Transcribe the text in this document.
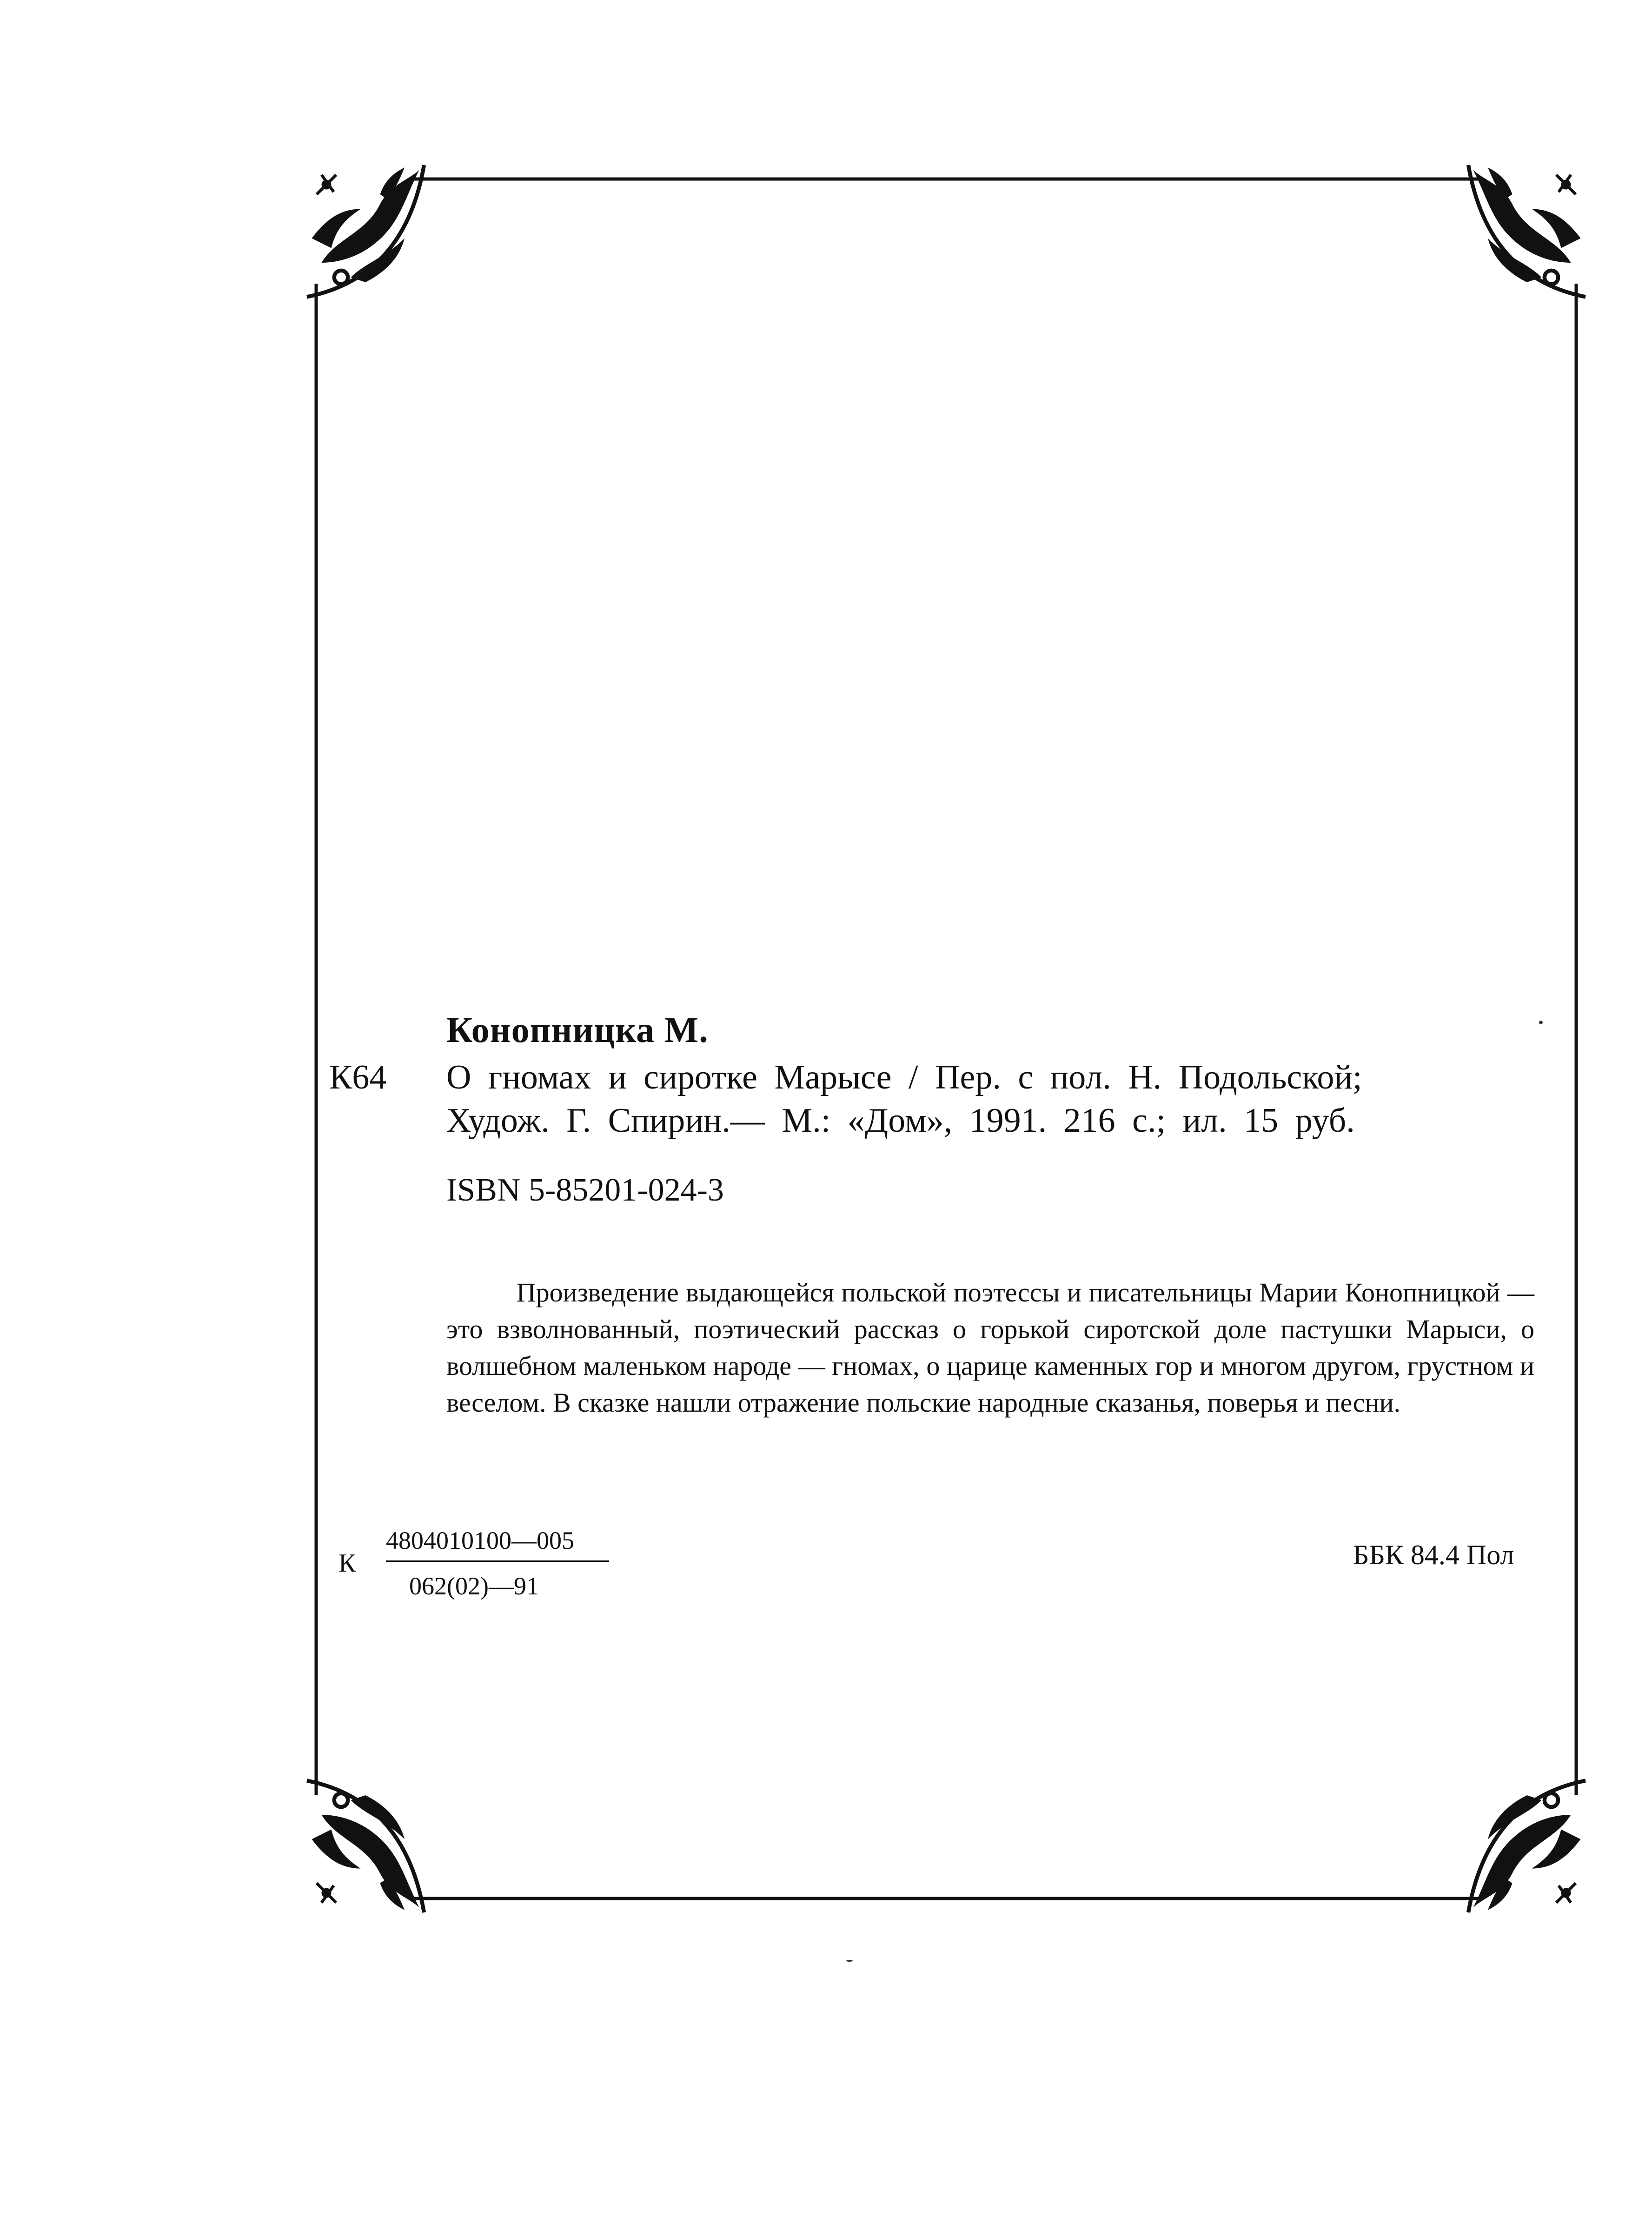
Конопницка М.
К64 О гномах и сиротке Марысе / Пер. с пол. Н. Подольской;
Худож. Г. Спирин.— М.: «Дом», 1991. 216 с.; ил. 15 руб.
ISBN 5-85201-024-3
Произведение выдающейся польской поэтессы и писательницы Марии Конопницкой — это взволнованный, поэтический рассказ о горькой сиротской доле пастушки Марыси, о волшебном маленьком народе — гномах, о царице каменных гор и многом другом, грустном и веселом. В сказке нашли отражение польские народные сказанья, поверья и песни.
К
4804010100—005
062(02)—91
ББК 84.4 Пол
